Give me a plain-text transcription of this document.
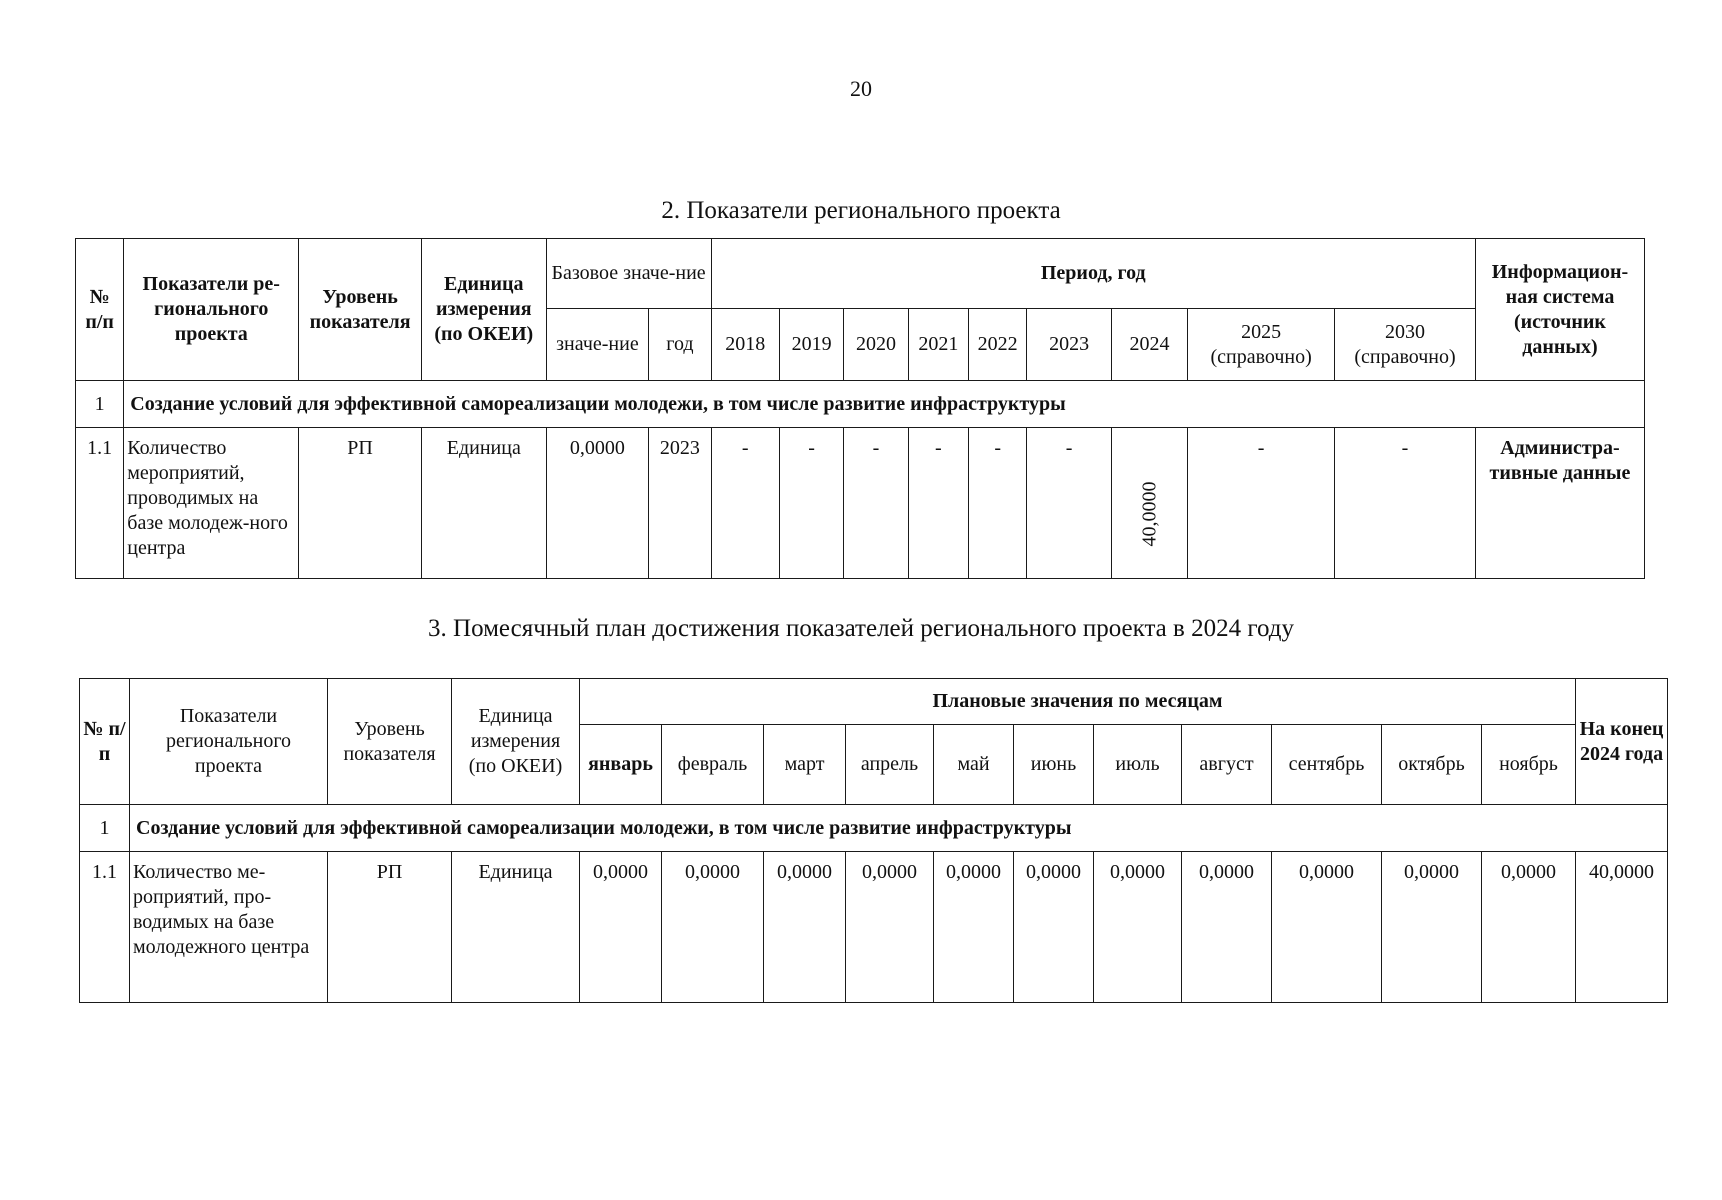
20
2. Показатели регионального проекта
№ п/п	Показатели ре-гионального проекта	Уровень показателя	Единица измерения (по ОКЕИ)	Базовое значе-ние		Период, год									Информацион-ная система (источник данных)
				значе-ние	год	2018	2019	2020	2021	2022	2023	2024	2025 (справочно)	2030 (справочно)	
1	Создание условий для эффективной самореализации молодежи, в том числе развитие инфраструктуры														
1.1	Количество мероприятий, проводимых на базе молодеж-ного центра	РП	Единица	0,0000	2023	-	-	-	-	-	-	40,0000	-	-	Администра-тивные данные
3. Помесячный план достижения показателей регионального проекта в 2024 году
№ п/п	Показатели регионального проекта	Уровень показателя	Единица измерения (по ОКЕИ)	Плановые значения по месяцам											На конец 2024 года
				январь	февраль	март	апрель	май	июнь	июль	август	сентябрь	октябрь	ноябрь	
1	Создание условий для эффективной самореализации молодежи, в том числе развитие инфраструктуры														
1.1	Количество ме-роприятий, про-водимых на базе молодежного центра	РП	Единица	0,0000	0,0000	0,0000	0,0000	0,0000	0,0000	0,0000	0,0000	0,0000	0,0000	0,0000	40,0000
